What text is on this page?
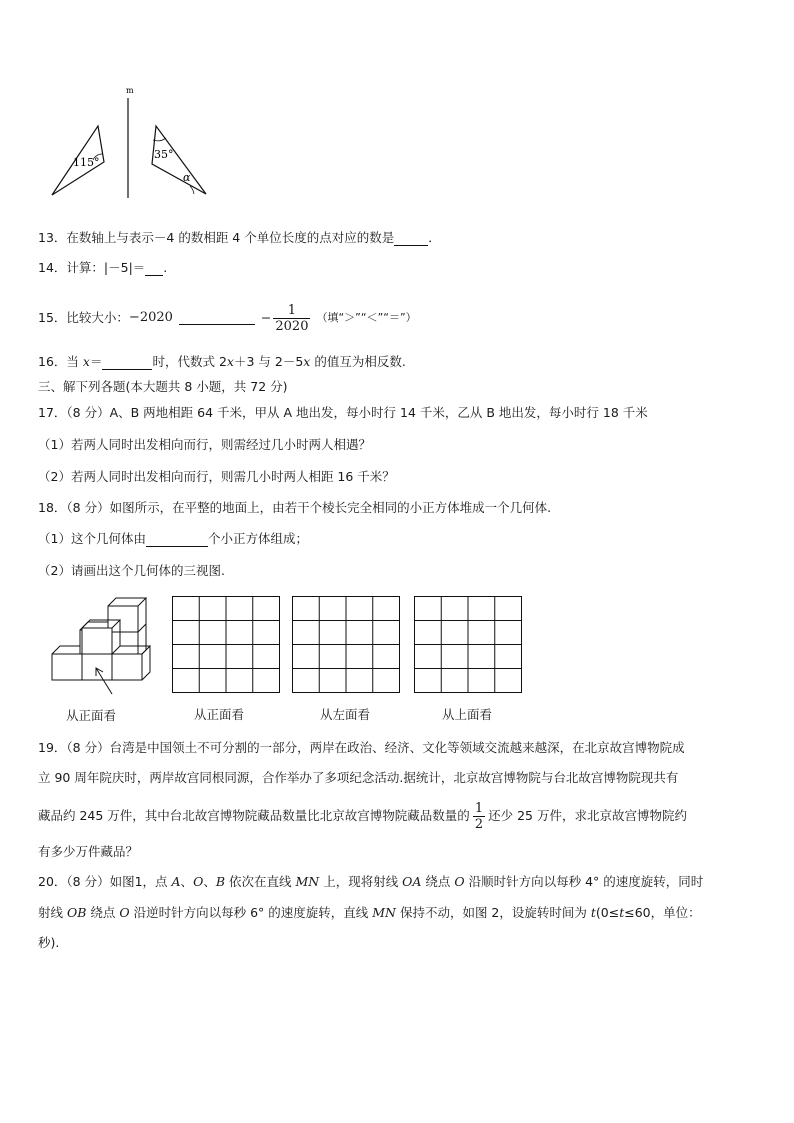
m
115°
35°
α
13．在数轴上与表示－4 的数相距 4 个单位长度的点对应的数是	．
14．计算：|－5|＝ .
15． 比较大小： −2020	− $\frac{1}{2020}$ （填“＞”“＜”“＝”）
16．当 x＝	时，代数式 2x＋3 与 2－5x 的值互为相反数.
三、解下列各题(本大题共 8 小题，共 72 分)
17．（8 分）A、B 两地相距 64 千米，甲从 A 地出发，每小时行 14 千米，乙从 B 地出发，每小时行 18 千米
（1）若两人同时出发相向而行，则需经过几小时两人相遇？
（2）若两人同时出发相向而行，则需几小时两人相距 16 千米？
18．（8 分）如图所示，在平整的地面上，由若干个棱长完全相同的小正方体堆成一个几何体.
（1）这个几何体由	个小正方体组成；
（2）请画出这个几何体的三视图.
从正面看	从正面看	从左面看	从上面看
19．（8 分）台湾是中国领土不可分割的一部分，两岸在政治、经济、文化等领域交流越来越深，在北京故宫博物院成
立 90 周年院庆时，两岸故宫同根同源，合作举办了多项纪念活动.据统计，北京故宫博物院与台北故宫博物院现共有
藏品约 245 万件，其中台北故宫博物院藏品数量比北京故宫博物院藏品数量的 $\frac{1}{2}$ 还少 25 万件，求北京故宫博物院约
有多少万件藏品？
20．（8 分）如图1，点 A、O、B 依次在直线 MN 上，现将射线 OA 绕点 O 沿顺时针方向以每秒 4° 的速度旋转，同时
射线 OB 绕点 O 沿逆时针方向以每秒 6° 的速度旋转，直线 MN 保持不动，如图 2，设旋转时间为 t(0≤t≤60，单位：
秒).
